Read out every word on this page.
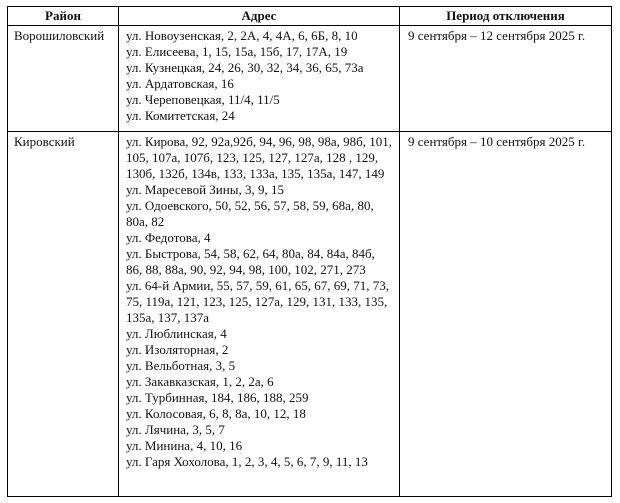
Район	Адрес	Период отключения
Ворошиловский	ул. Новоузенская, 2, 2А, 4, 4А, 6, 6Б, 8, 10
ул. Елисеева, 1, 15, 15а, 15б, 17, 17А, 19
ул. Кузнецкая, 24, 26, 30, 32, 34, 36, 65, 73а
ул. Ардатовская, 16
ул. Череповецкая, 11/4, 11/5
ул. Комитетская, 24
	9 сентября – 12 сентября 2025 г.
Кировский	ул. Кирова, 92, 92а,92б, 94, 96, 98, 98а, 98б, 101, 105, 107а, 107б, 123, 125, 127, 127а, 128 , 129, 130б, 132б, 134в, 133, 133а, 135, 135а, 147, 149
ул. Маресевой Зины, 3, 9, 15
ул. Одоевского, 50, 52, 56, 57, 58, 59, 68а, 80, 80а, 82
ул. Федотова, 4
ул. Быстрова, 54, 58, 62, 64, 80а, 84, 84а, 84б, 86, 88, 88а, 90, 92, 94, 98, 100, 102, 271, 273
ул. 64-й Армии, 55, 57, 59, 61, 65, 67, 69, 71, 73, 75, 119а, 121, 123, 125, 127а, 129, 131, 133, 135, 135а, 137, 137а
ул. Люблинская, 4
ул. Изоляторная, 2
ул. Вельботная, 3, 5
ул. Закавказская, 1, 2, 2а, 6
ул. Турбинная, 184, 186, 188, 259
ул. Колосовая, 6, 8, 8а, 10, 12, 18
ул. Лячина, 3, 5, 7
ул. Минина, 4, 10, 16
ул. Гаря Хохолова, 1, 2, 3, 4, 5, 6, 7, 9, 11, 13
	9 сентября – 10 сентября 2025 г.
